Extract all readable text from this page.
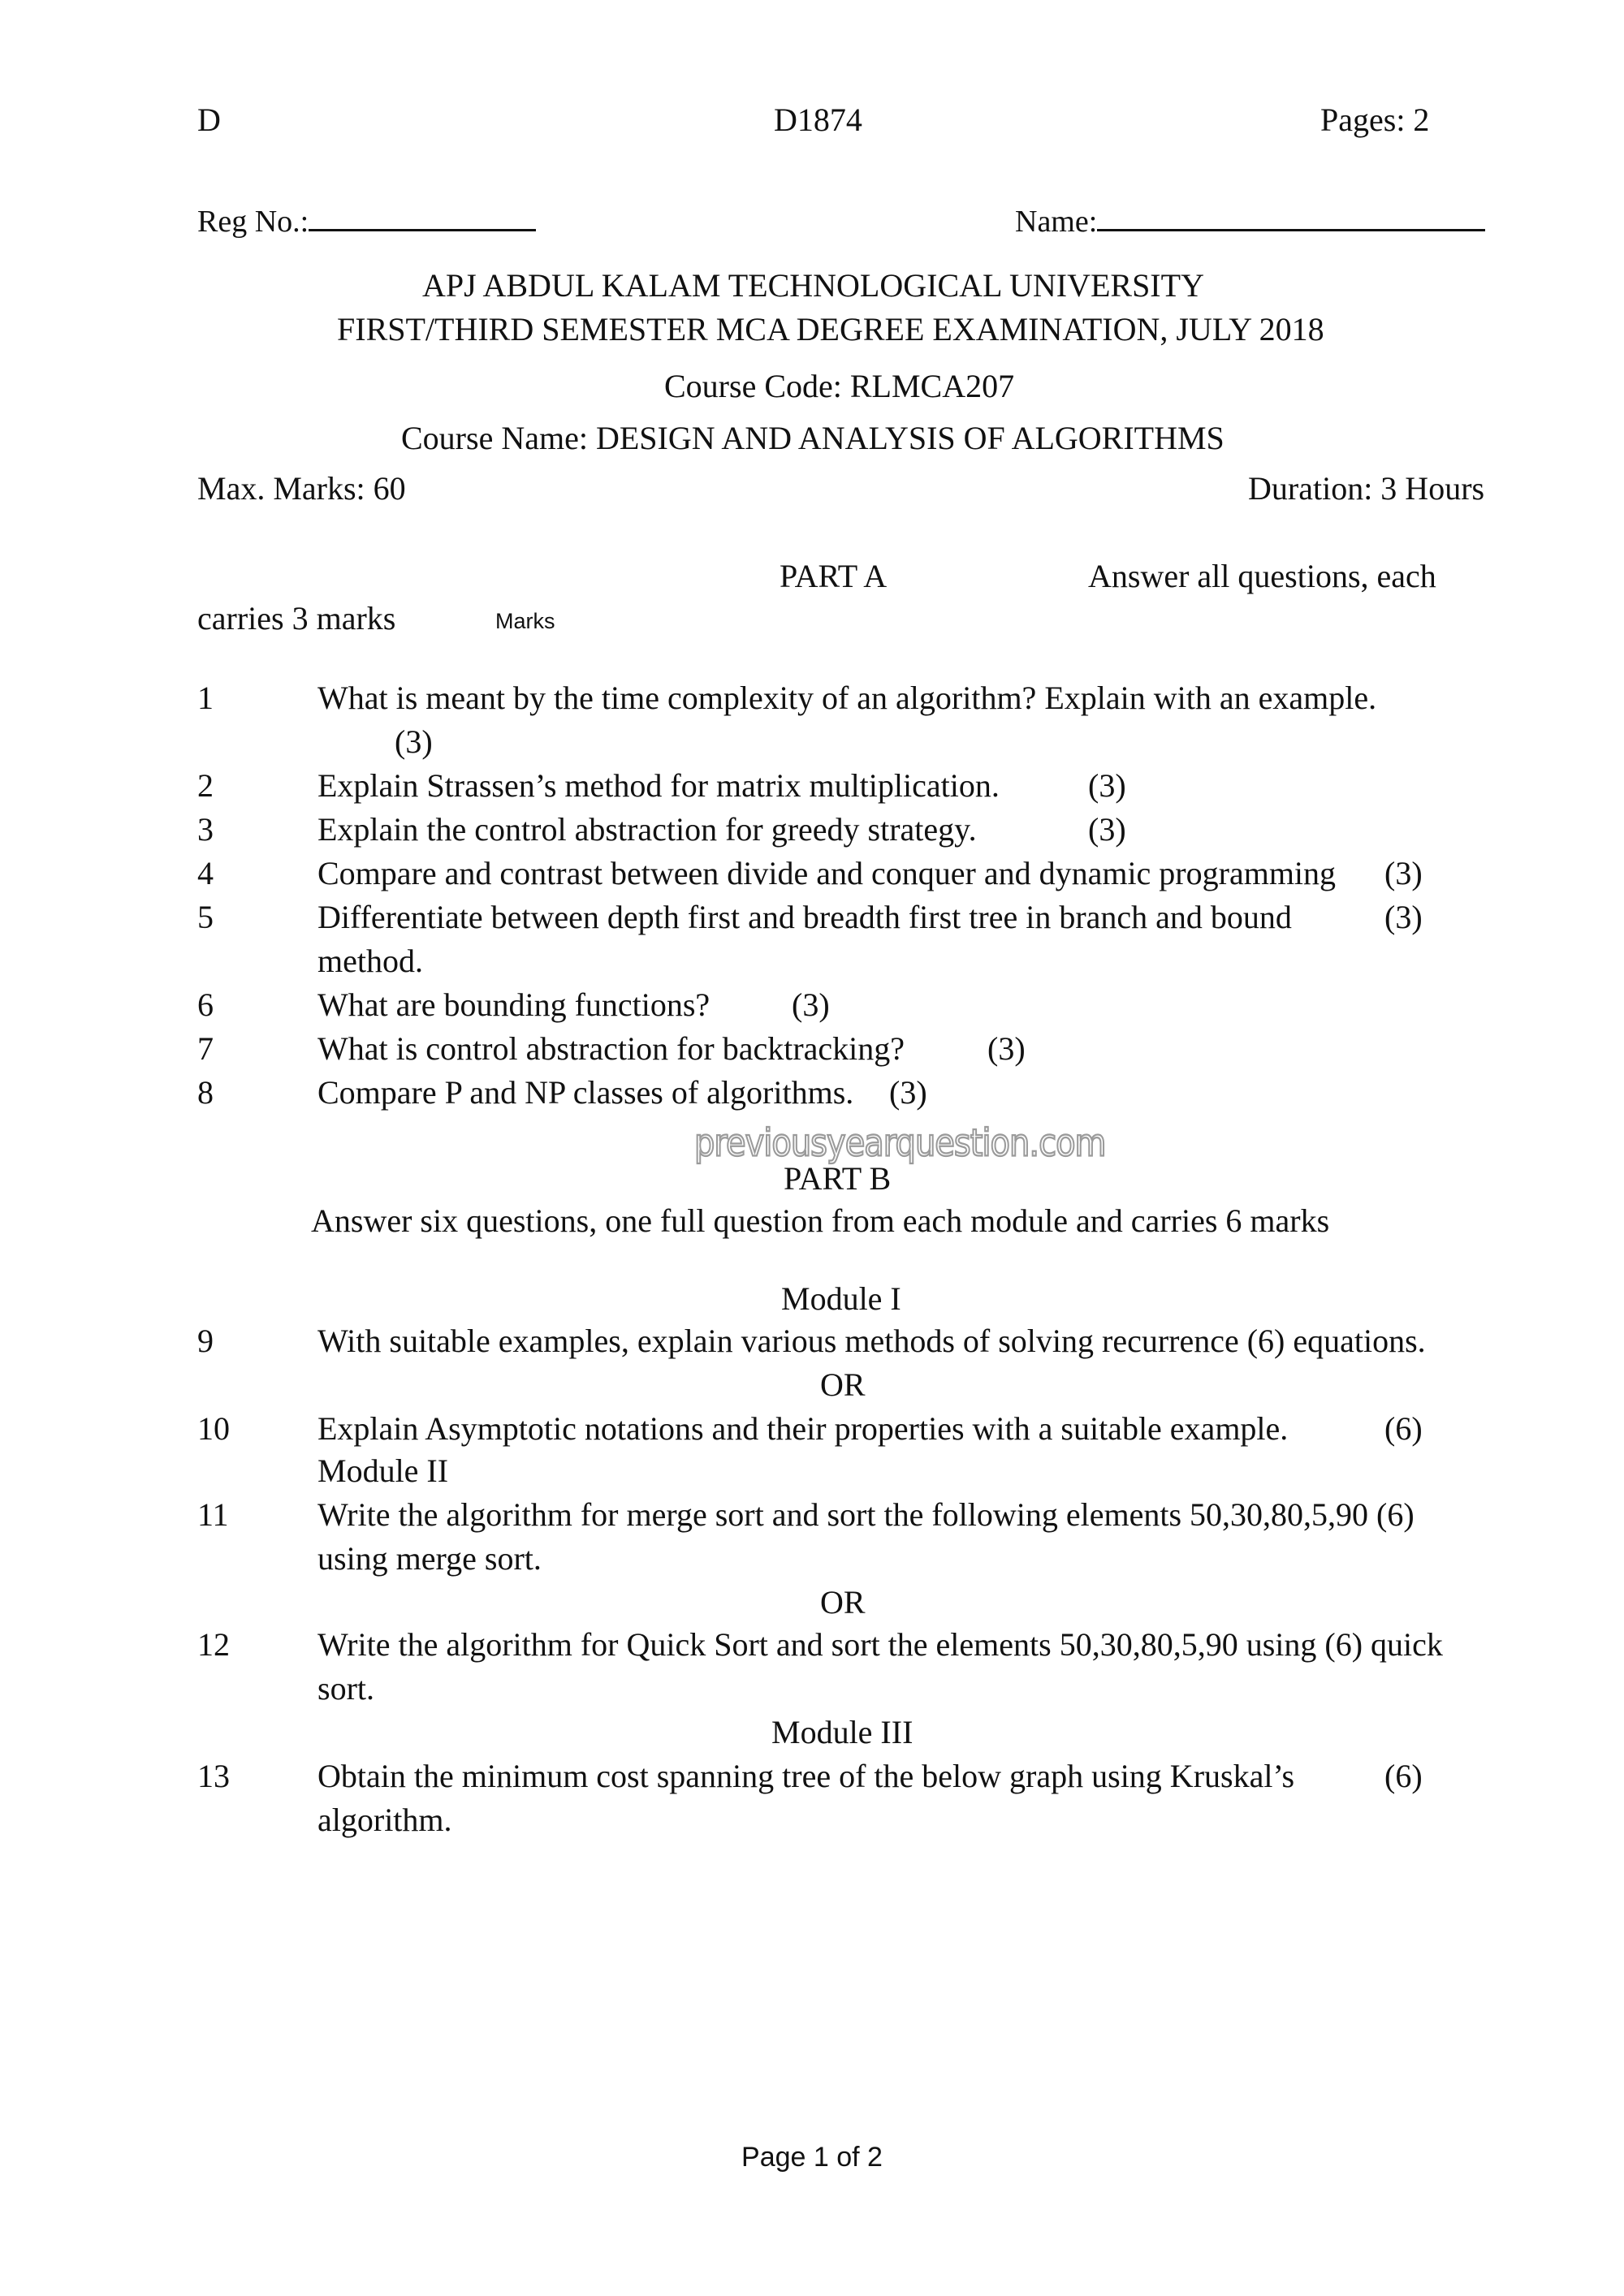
D	D1874	Pages: 2
Reg No.:	Name:
APJ ABDUL KALAM TECHNOLOGICAL UNIVERSITY
FIRST/THIRD SEMESTER MCA DEGREE EXAMINATION, JULY 2018
Course Code: RLMCA207
Course Name: DESIGN AND ANALYSIS OF ALGORITHMS
Max. Marks: 60	Duration: 3 Hours
PART A	Answer all questions, each
carries 3 marks	Marks
1	What is meant by the time complexity of an algorithm? Explain with an example.
(3)
2	Explain Strassen’s method for matrix multiplication.	(3)
3	Explain the control abstraction for greedy strategy.	(3)
4	Compare and contrast between divide and conquer and dynamic programming (3)
5	Differentiate between depth first and breadth first tree in branch and bound	(3)
method.
6	What are bounding functions?	(3)
7	What is control abstraction for backtracking?	(3)
8	Compare P and NP classes of algorithms. (3)
previousyearquestion.com
PART B
Answer six questions, one full question from each module and carries 6 marks
Module I
9	With suitable examples, explain various methods of solving recurrence (6) equations.
OR
10	Explain Asymptotic notations and their properties with a suitable example.	(6)
Module II
11	Write the algorithm for merge sort and sort the following elements 50,30,80,5,90 (6)
using merge sort.
OR
12	Write the algorithm for Quick Sort and sort the elements 50,30,80,5,90 using (6) quick
sort.
Module III
13	Obtain the minimum cost spanning tree of the below graph using Kruskal’s	(6)
algorithm.
Page 1 of 2
